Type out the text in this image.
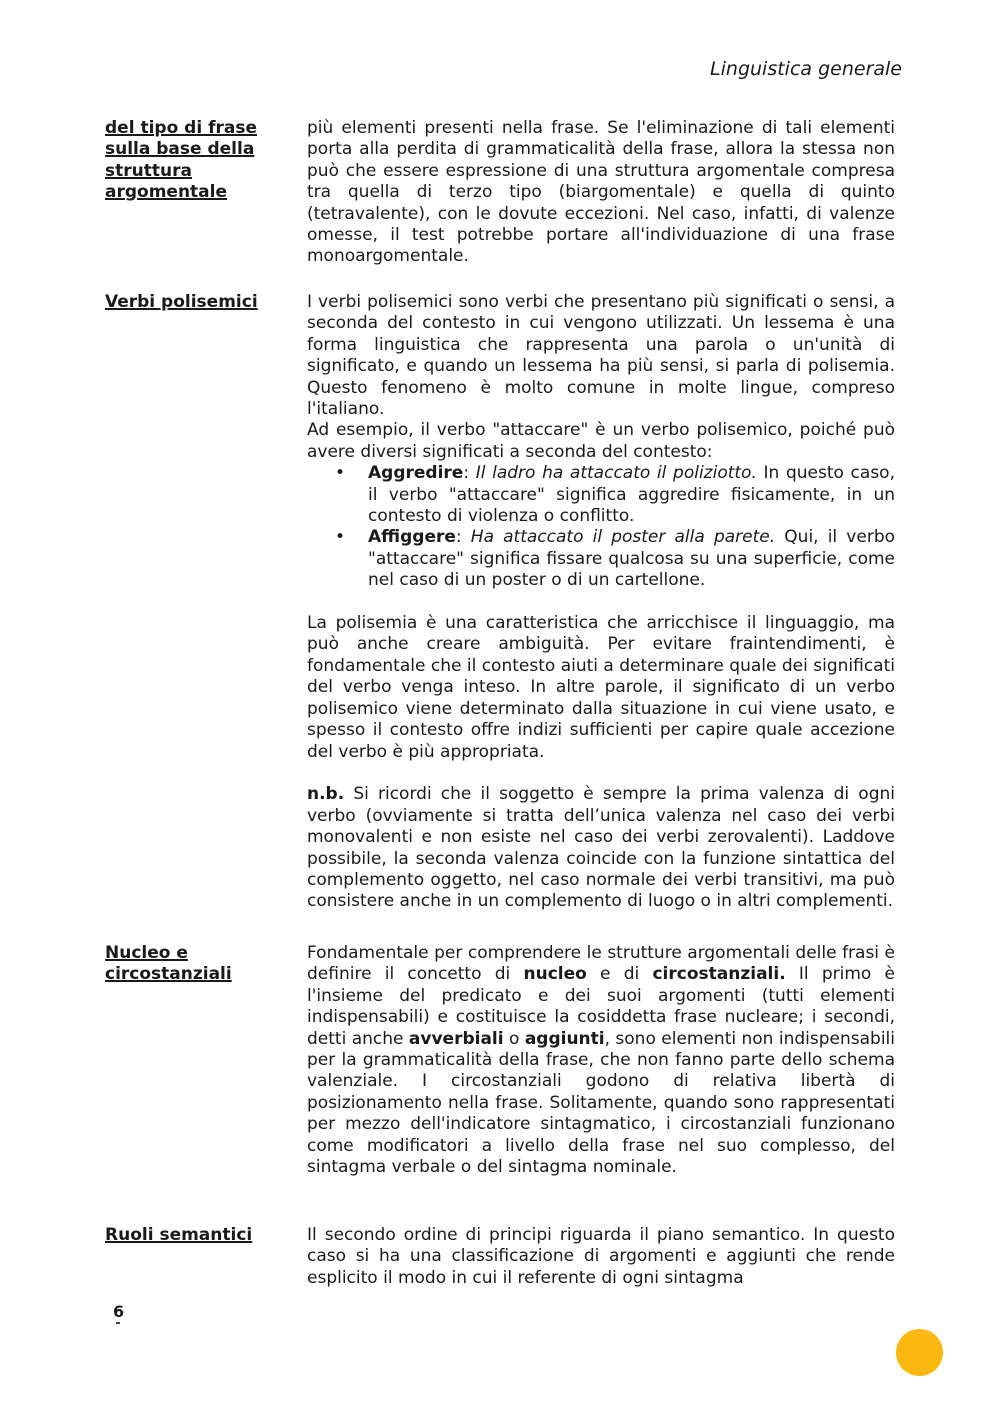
Linguistica generale
del tipo di frase
sulla base della
struttura
argomentale

più elementi presenti nella frase. Se l'eliminazione di tali elementi porta alla perdita di grammaticalità della frase, allora la stessa non può che essere espressione di una struttura argomentale compresa tra quella di terzo tipo (biargomentale) e quella di quinto (tetravalente), con le dovute eccezioni. Nel caso, infatti, di valenze omesse, il test potrebbe portare all'individuazione di una frase monoargomentale.

Verbi polisemici	I verbi polisemici sono verbi che presentano più significati o sensi, a seconda del contesto in cui vengono utilizzati. Un lessema è una forma linguistica che rappresenta una parola o un'unità di significato, e quando un lessema ha più sensi, si parla di polisemia. Questo fenomeno è molto comune in molte lingue, compreso l'italiano.

Ad esempio, il verbo "attaccare" è un verbo polisemico, poiché può avere diversi significati a seconda del contesto:

• Aggredire: Il ladro ha attaccato il poliziotto. In questo caso, il verbo "attaccare" significa aggredire fisicamente, in un contesto di violenza o conflitto.
• Affiggere: Ha attaccato il poster alla parete. Qui, il verbo "attaccare" significa fissare qualcosa su una superficie, come nel caso di un poster o di un cartellone.

La polisemia è una caratteristica che arricchisce il linguaggio, ma può anche creare ambiguità. Per evitare fraintendimenti, è fondamentale che il contesto aiuti a determinare quale dei significati del verbo venga inteso. In altre parole, il significato di un verbo polisemico viene determinato dalla situazione in cui viene usato, e spesso il contesto offre indizi sufficienti per capire quale accezione del verbo è più appropriata.

n.b. Si ricordi che il soggetto è sempre la prima valenza di ogni verbo (ovviamente si tratta dell’unica valenza nel caso dei verbi monovalenti e non esiste nel caso dei verbi zerovalenti). Laddove possibile, la seconda valenza coincide con la funzione sintattica del complemento oggetto, nel caso normale dei verbi transitivi, ma può consistere anche in un complemento di luogo o in altri complementi.

Nucleo e
circostanziali

Fondamentale per comprendere le strutture argomentali delle frasi è definire il concetto di nucleo e di circostanziali. Il primo è l'insieme del predicato e dei suoi argomenti (tutti elementi indispensabili) e costituisce la cosiddetta frase nucleare; i secondi, detti anche avverbiali o aggiunti, sono elementi non indispensabili per la grammaticalità della frase, che non fanno parte dello schema valenziale. I circostanziali godono di relativa libertà di posizionamento nella frase. Solitamente, quando sono rappresentati per mezzo dell'indicatore sintagmatico, i circostanziali funzionano come modificatori a livello della frase nel suo complesso, del sintagma verbale o del sintagma nominale.

Ruoli semantici	Il secondo ordine di principi riguarda il piano semantico. In questo caso si ha una classificazione di argomenti e aggiunti che rende esplicito il modo in cui il referente di ogni sintagma

6
